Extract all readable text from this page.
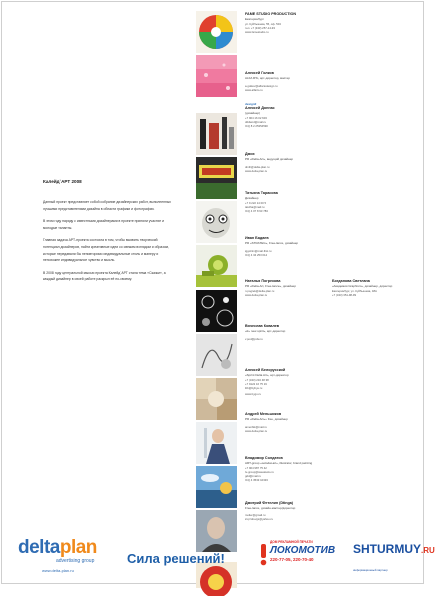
Калейд`АРТ 2008

Данный проект представляет собой собрание дизайнерских работ, выполненных лучшими представителями дизайна в области графики и фотографии.

В этом году наряду с известными дизайнерами в проекте приняли участие и молодые таланты.

Главная задача АРТ-проекта состоила в том, чтобы выявить творческий потенциал дизайнеров, найти креативные идеи со свежим взглядом и образом, которые передавали бы неповторимо индивидуальные стиль и манеру и непохожее индивидуальное чувство и мысль.

В 2008 году центральной мысью проекта Калейд`АРТ стала тема «Сказки», а каждый дизайнер в своей работе раскрыл её по-своему.

FAME STUDIO PRODUCTION
Екатеринбург
ул. Куйбышева, 55, оф. 504
тел. +7 (343) 257-14-93
www.famestudio.ru
Алексей Голков
ALFA RTo, арт-директор, мастер
a.golkov@alfartodesign.ru
www.alfarto.ru
design2
Алексей Доннас
(дизайнер)
+7 904 16 02 603
d2dwnd@mail.ru
ICQ 8 2 25354590
Дмих
PR «Delta-Art», ведущий дизайнер
dmih@delta-plan.ru
www.delta-plan.ru
Татьяна Тарасова
Дизайнер
+7 9 222 14 00 5
tatviha@mail.ru
ICQ 4 07 8 93 783
Иван Бадаев
PR «STRATEG», Free-lance, дизайнер
iggolrim@mail-first.ru
ICQ 4 34 253 014
Наталья Погрекова
PR «Delta-Art, Free-lance», дизайнер
n.pogrek@delta-plan.ru
www.delta-plan.ru
Богданова Светлана
«Академия Graphism», дизайнер, директор
Екатеринбург, ул. Куйбышева, 48А
+7 (343) 351-98-99
Вячеслав Ковалев
«К» new spirit», арт-директор
v.pod@pdw.ru
Алексей Белорусский
«Sprint Delta Art», арт-директор
+7 (343) 216 48 38
+7 9122 16 75 19
ibb@bybye.ru
www.bygu.ru
Андрей Меньшиков
PR «Delta-Art»+ free, дизайнер
amenbik@mail.ru
www.delta-plan.ru
Владимир Солдатов
ART-group «solodat-art», illustrator, brand painting
+7 904 987 75 42
tv-group@sweatsolo.ru
gdd@mail.ru
ICQ 4 3533 10333
Дмитрий Фетелин (Dtinga)
Free-lance, дизайн-мастер/директор
moiler@gmail.ru
icq://drevgs@yahoo.ru
deltaplan
advertising group
www.delta-plan.ru
Сила решений!
ДОМ РЕКЛАМНОЙ ПЕЧАТИ
ЛОКОМОТИВ
220-77-05, 220-70-40
SHTURMUY.RU
информационный партнер
